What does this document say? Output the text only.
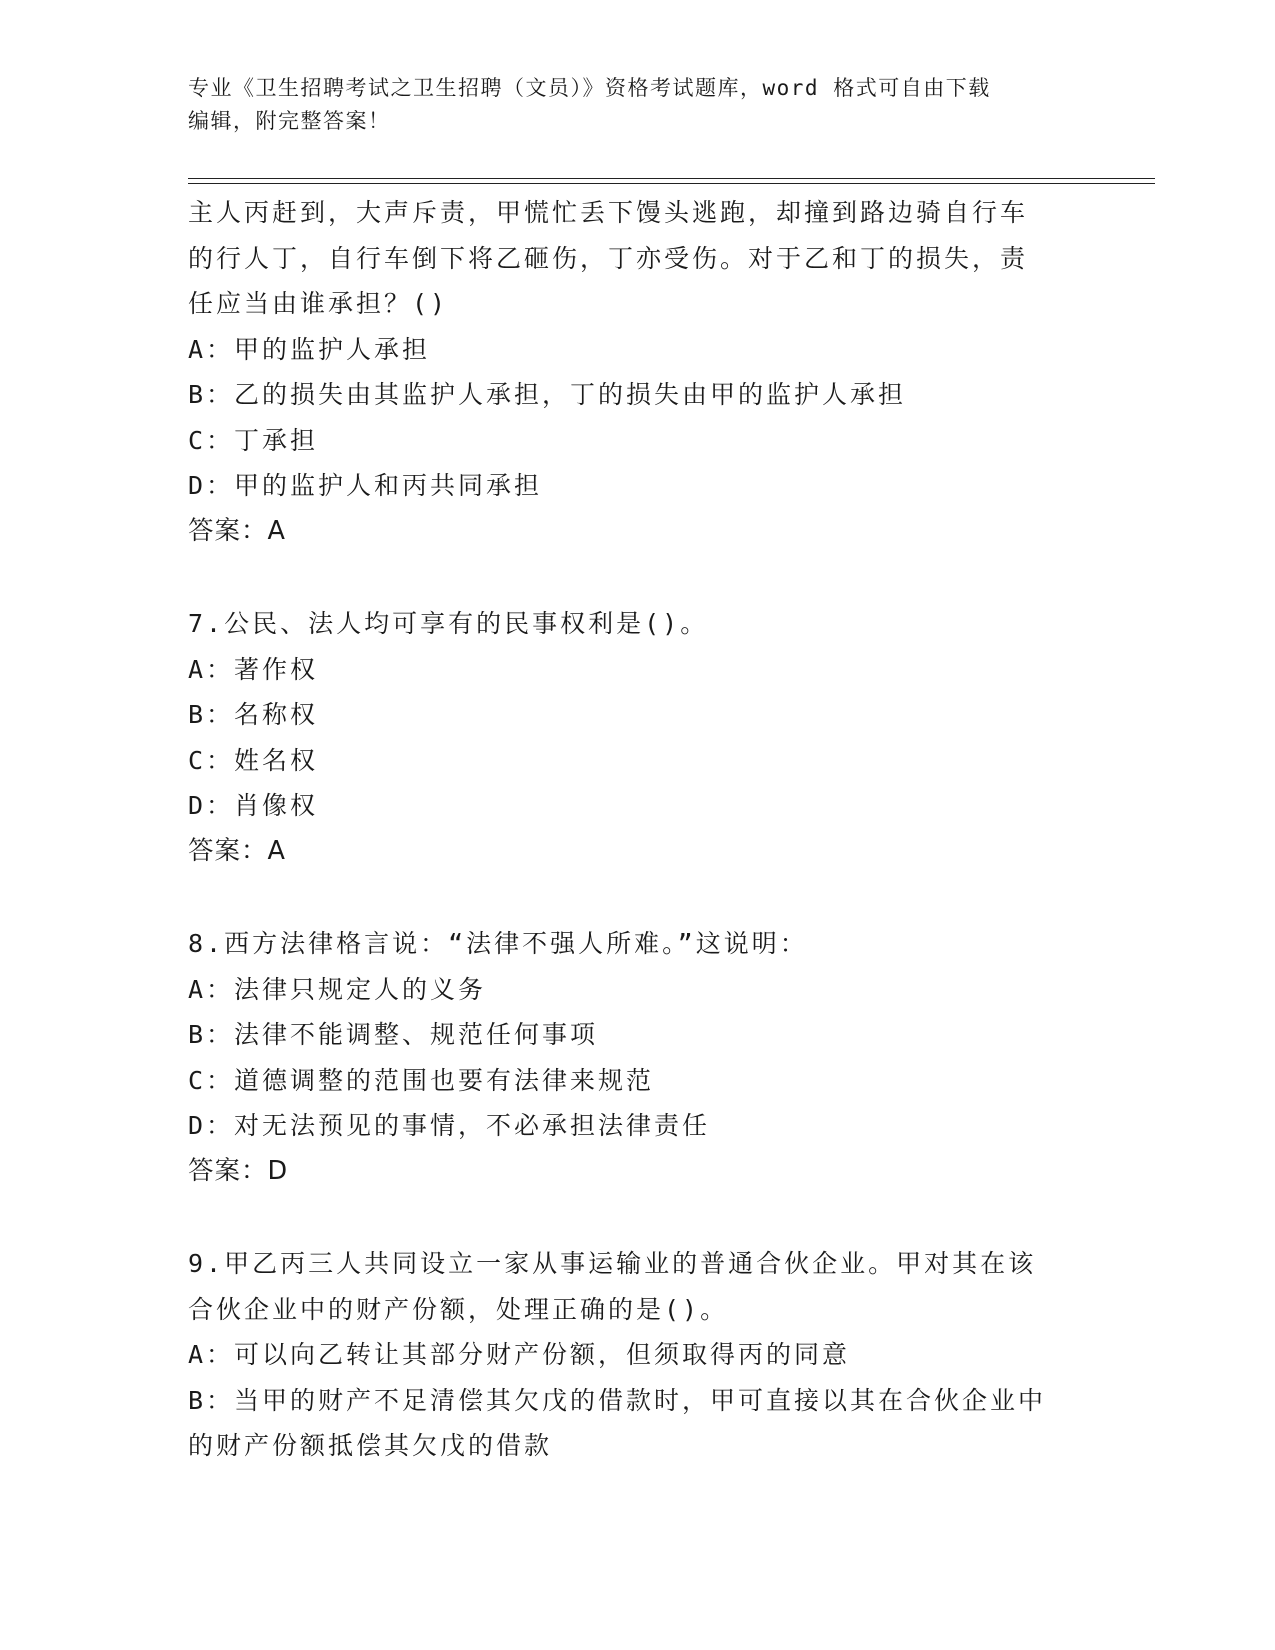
专业《卫生招聘考试之卫生招聘（文员）》资格考试题库，word 格式可自由下载
编辑，附完整答案！
主人丙赶到，大声斥责，甲慌忙丢下馒头逃跑，却撞到路边骑自行车
的行人丁，自行车倒下将乙砸伤，丁亦受伤。对于乙和丁的损失，责
任应当由谁承担？()
A：甲的监护人承担
B：乙的损失由其监护人承担，丁的损失由甲的监护人承担
C：丁承担
D：甲的监护人和丙共同承担
答案：A
7.公民、法人均可享有的民事权利是()。
A：著作权
B：名称权
C：姓名权
D：肖像权
答案：A
8.西方法律格言说：“法律不强人所难。”这说明：
A：法律只规定人的义务
B：法律不能调整、规范任何事项
C：道德调整的范围也要有法律来规范
D：对无法预见的事情，不必承担法律责任
答案：D
9.甲乙丙三人共同设立一家从事运输业的普通合伙企业。甲对其在该
合伙企业中的财产份额，处理正确的是()。
A：可以向乙转让其部分财产份额，但须取得丙的同意
B：当甲的财产不足清偿其欠戊的借款时，甲可直接以其在合伙企业中
的财产份额抵偿其欠戊的借款
